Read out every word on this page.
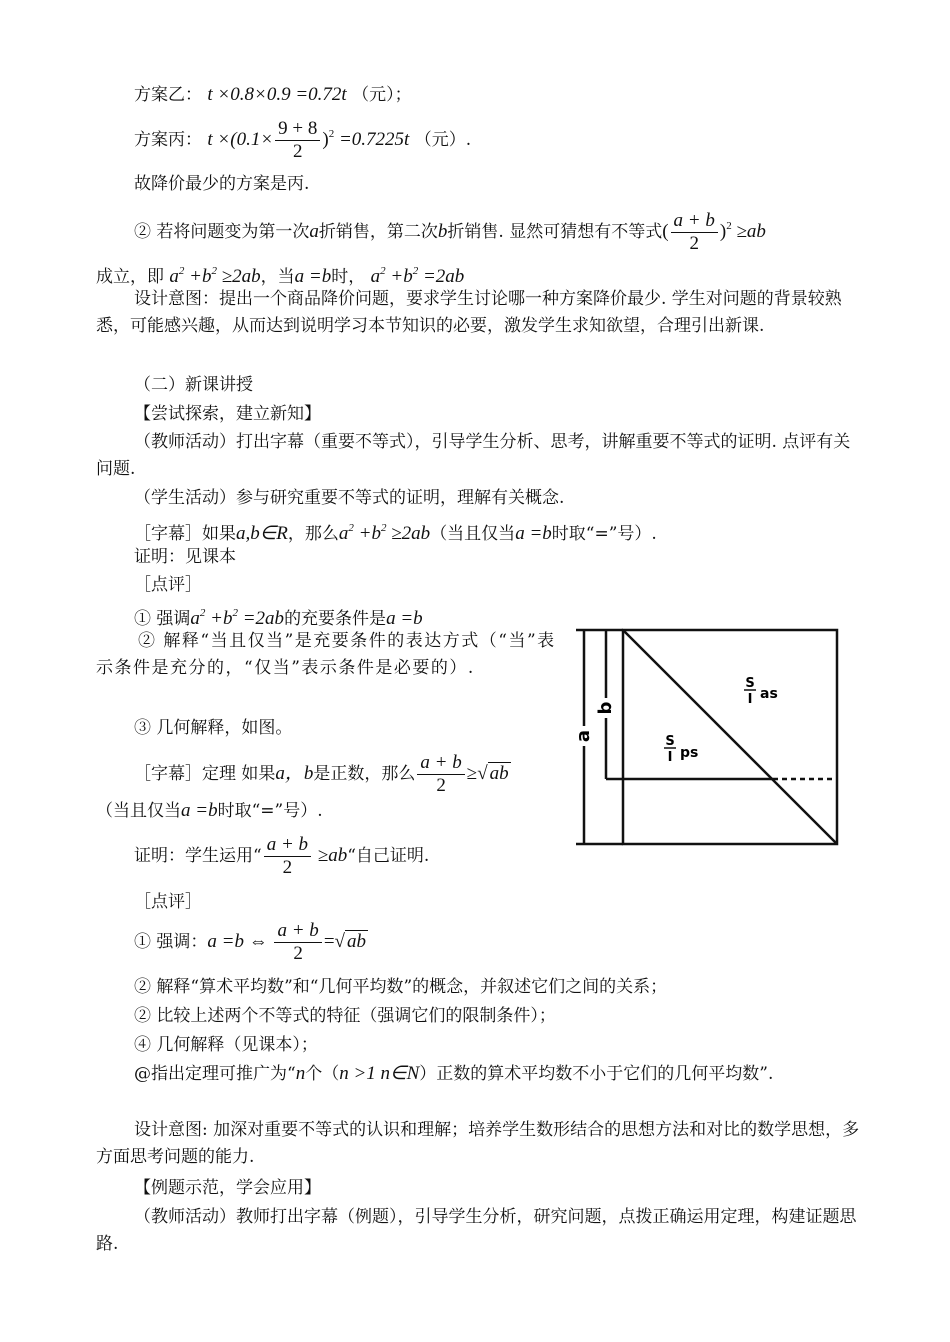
方案乙： t ×0.8×0.9 =0.72t （元）；
方案丙： $t \times(0.1\times \frac{9 + 8}{2} )^2 =0.7225t$ （元）.
故降价最少的方案是丙.
② 若将问题变为第一次a折销售，第二次b折销售. 显然可猜想有不等式( $\frac{a + b}{2} )^2 \ge ab$
成立，即 $a^2 +b^2 \ge 2ab$，当a =b时， $a^2 +b^2 =2ab$
设计意图：提出一个商品降价问题，要求学生讨论哪一种方案降价最少. 学生对问题的背景较熟悉，可能感兴趣，从而达到说明学习本节知识的必要，激发学生求知欲望，合理引出新课.
（二）新课讲授
【尝试探索，建立新知】
（教师活动）打出字幕（重要不等式），引导学生分析、思考，讲解重要不等式的证明. 点评有关问题.
（学生活动）参与研究重要不等式的证明，理解有关概念.
［字幕］如果a,b∈R，那么$a^2 +b^2 \ge 2ab$（当且仅当a =b时取“=”号）.
证明：见课本
［点评］
① 强调$a^2 +b^2 =2ab$的充要条件是a =b
② 解释“当且仅当”是充要条件的表达方式（“当”表示条件是充分的，“仅当”表示条件是必要的）.
③ 几何解释，如图。
［字幕］定理 如果a，b是正数，那么 $\frac{a + b}{2}$ ≥√ ab
（当且仅当a =b时取“=”号）.
证明：学生运用“ $\frac{a + b}{2}$ ≥ab“自己证明.
［点评］
① 强调：a =b ⇔ $\frac{a + b}{2}$ =√ ab
② 解释“算术平均数”和“几何平均数”的概念，并叙述它们之间的关系；
② 比较上述两个不等式的特征（强调它们的限制条件）；
④ 几何解释（见课本）；
@指出定理可推广为“n个（n >1 n∈N）正数的算术平均数不小于它们的几何平均数”.
设计意图: 加深对重要不等式的认识和理解；培养学生数形结合的思想方法和对比的数学思想，多方面思考问题的能力.
【例题示范，学会应用】
（教师活动）教师打出字幕（例题），引导学生分析，研究问题，点拨正确运用定理，构建证题思路.
a
b
S
I as
S
I ps
